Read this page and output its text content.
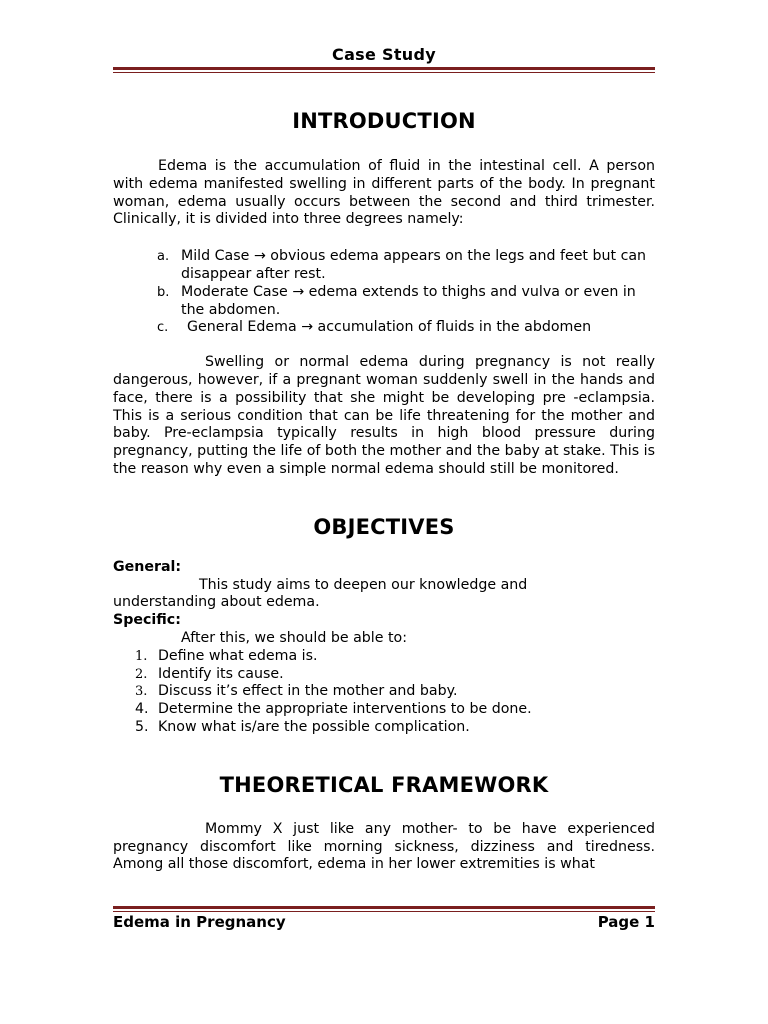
Case Study
INTRODUCTION

Edema is the accumulation of fluid in the intestinal cell. A person with edema manifested swelling in different parts of the body. In pregnant woman, edema usually occurs between the second and third trimester. Clinically, it is divided into three degrees namely:

a. Mild Case → obvious edema appears on the legs and feet but can disappear after rest.
b. Moderate Case → edema extends to thighs and vulva or even in the abdomen.
c. General Edema → accumulation of fluids in the abdomen

Swelling or normal edema during pregnancy is not really dangerous, however, if a pregnant woman suddenly swell in the hands and face, there is a possibility that she might be developing pre -eclampsia. This is a serious condition that can be life threatening for the mother and baby. Pre-eclampsia typically results in high blood pressure during pregnancy, putting the life of both the mother and the baby at stake. This is the reason why even a simple normal edema should still be monitored.

OBJECTIVES
General:

This study aims to deepen our knowledge and
understanding about edema.

Specific:

After this, we should be able to:

1. Define what edema is.
2. Identify its cause.
3. Discuss it’s effect in the mother and baby.
4. Determine the appropriate interventions to be done.
5. Know what is/are the possible complication.
THEORETICAL FRAMEWORK

Mommy X just like any mother- to be have experienced pregnancy discomfort like morning sickness, dizziness and tiredness. Among all those discomfort, edema in her lower extremities is what

Edema in Pregnancy	Page 1
